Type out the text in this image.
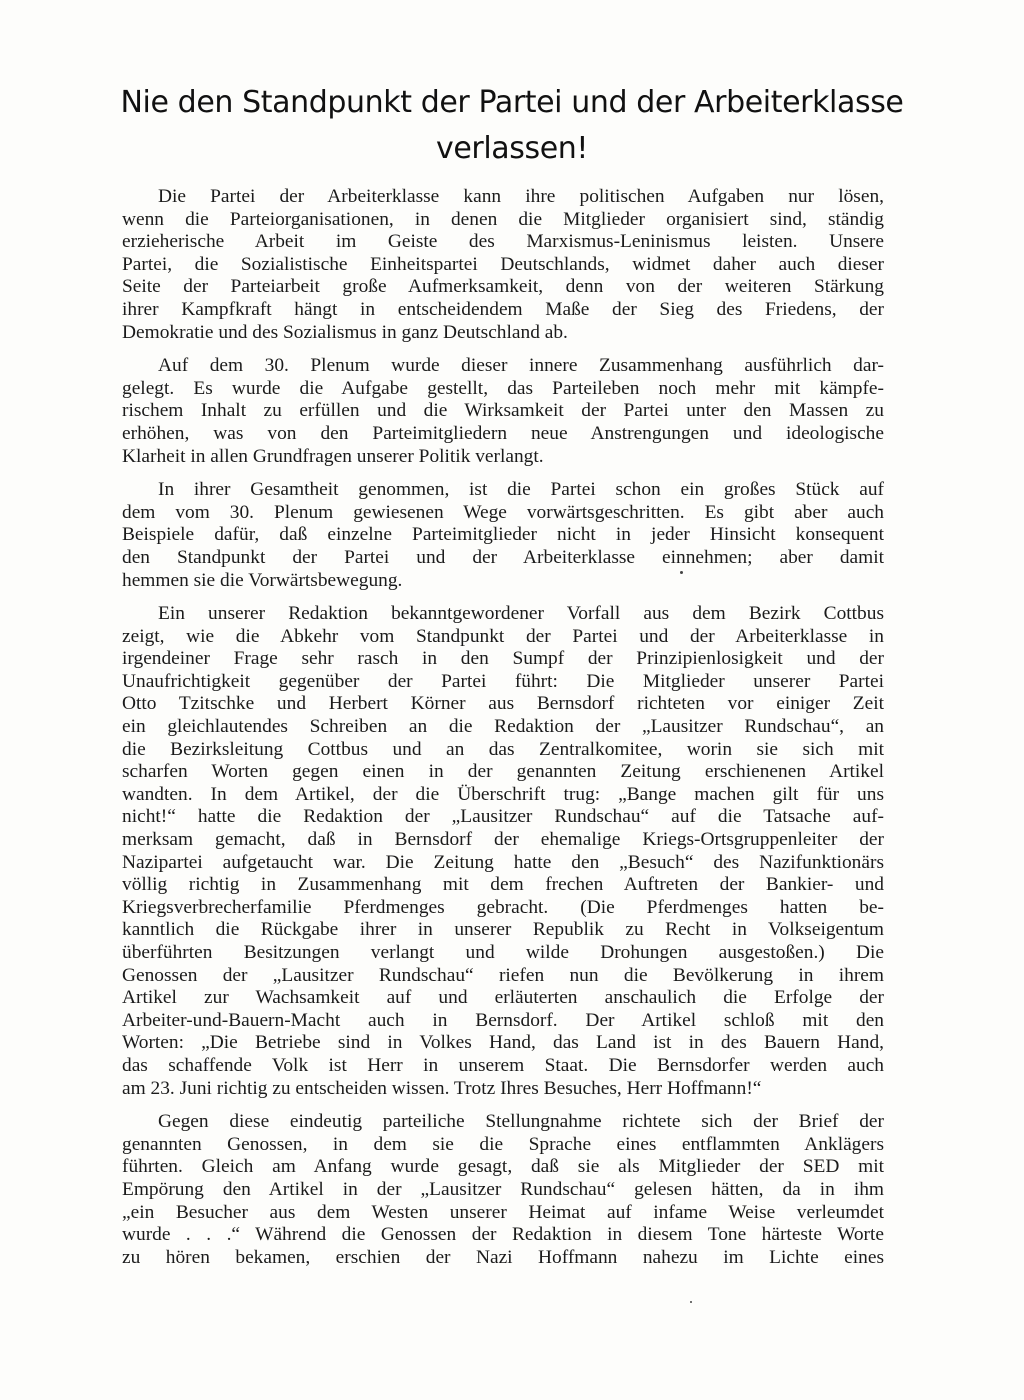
Nie den Standpunkt der Partei und der Arbeiterklasse
verlassen!

Die Partei der Arbeiterklasse kann ihre politischen Aufgaben nur lösen,
wenn die Parteiorganisationen, in denen die Mitglieder organisiert sind, ständig
erzieherische Arbeit im Geiste des Marxismus-Leninismus leisten. Unsere
Partei, die Sozialistische Einheitspartei Deutschlands, widmet daher auch dieser
Seite der Parteiarbeit große Aufmerksamkeit, denn von der weiteren Stärkung
ihrer Kampfkraft hängt in entscheidendem Maße der Sieg des Friedens, der
Demokratie und des Sozialismus in ganz Deutschland ab.

Auf dem 30. Plenum wurde dieser innere Zusammenhang ausführlich dar-
gelegt. Es wurde die Aufgabe gestellt, das Parteileben noch mehr mit kämpfe-
rischem Inhalt zu erfüllen und die Wirksamkeit der Partei unter den Massen zu
erhöhen, was von den Parteimitgliedern neue Anstrengungen und ideologische
Klarheit in allen Grundfragen unserer Politik verlangt.

In ihrer Gesamtheit genommen, ist die Partei schon ein großes Stück auf
dem vom 30. Plenum gewiesenen Wege vorwärtsgeschritten. Es gibt aber auch
Beispiele dafür, daß einzelne Parteimitglieder nicht in jeder Hinsicht konsequent
den Standpunkt der Partei und der Arbeiterklasse einnehmen; aber damit
hemmen sie die Vorwärtsbewegung.

Ein unserer Redaktion bekanntgewordener Vorfall aus dem Bezirk Cottbus
zeigt, wie die Abkehr vom Standpunkt der Partei und der Arbeiterklasse in
irgendeiner Frage sehr rasch in den Sumpf der Prinzipienlosigkeit und der
Unaufrichtigkeit gegenüber der Partei führt: Die Mitglieder unserer Partei
Otto Tzitschke und Herbert Körner aus Bernsdorf richteten vor einiger Zeit
ein gleichlautendes Schreiben an die Redaktion der „Lausitzer Rundschau“, an
die Bezirksleitung Cottbus und an das Zentralkomitee, worin sie sich mit
scharfen Worten gegen einen in der genannten Zeitung erschienenen Artikel
wandten. In dem Artikel, der die Überschrift trug: „Bange machen gilt für uns
nicht!“ hatte die Redaktion der „Lausitzer Rundschau“ auf die Tatsache auf-
merksam gemacht, daß in Bernsdorf der ehemalige Kriegs-Ortsgruppenleiter der
Nazipartei aufgetaucht war. Die Zeitung hatte den „Besuch“ des Nazifunktionärs
völlig richtig in Zusammenhang mit dem frechen Auftreten der Bankier- und
Kriegsverbrecherfamilie Pferdmenges gebracht. (Die Pferdmenges hatten be-
kanntlich die Rückgabe ihrer in unserer Republik zu Recht in Volkseigentum
überführten Besitzungen verlangt und wilde Drohungen ausgestoßen.) Die
Genossen der „Lausitzer Rundschau“ riefen nun die Bevölkerung in ihrem
Artikel zur Wachsamkeit auf und erläuterten anschaulich die Erfolge der
Arbeiter-und-Bauern-Macht auch in Bernsdorf. Der Artikel schloß mit den
Worten: „Die Betriebe sind in Volkes Hand, das Land ist in des Bauern Hand,
das schaffende Volk ist Herr in unserem Staat. Die Bernsdorfer werden auch
am 23. Juni richtig zu entscheiden wissen. Trotz Ihres Besuches, Herr Hoffmann!“

Gegen diese eindeutig parteiliche Stellungnahme richtete sich der Brief der
genannten Genossen, in dem sie die Sprache eines entflammten Anklägers
führten. Gleich am Anfang wurde gesagt, daß sie als Mitglieder der SED mit
Empörung den Artikel in der „Lausitzer Rundschau“ gelesen hätten, da in ihm
„ein Besucher aus dem Westen unserer Heimat auf infame Weise verleumdet
wurde . . .“ Während die Genossen der Redaktion in diesem Tone härteste Worte
zu hören bekamen, erschien der Nazi Hoffmann nahezu im Lichte eines
